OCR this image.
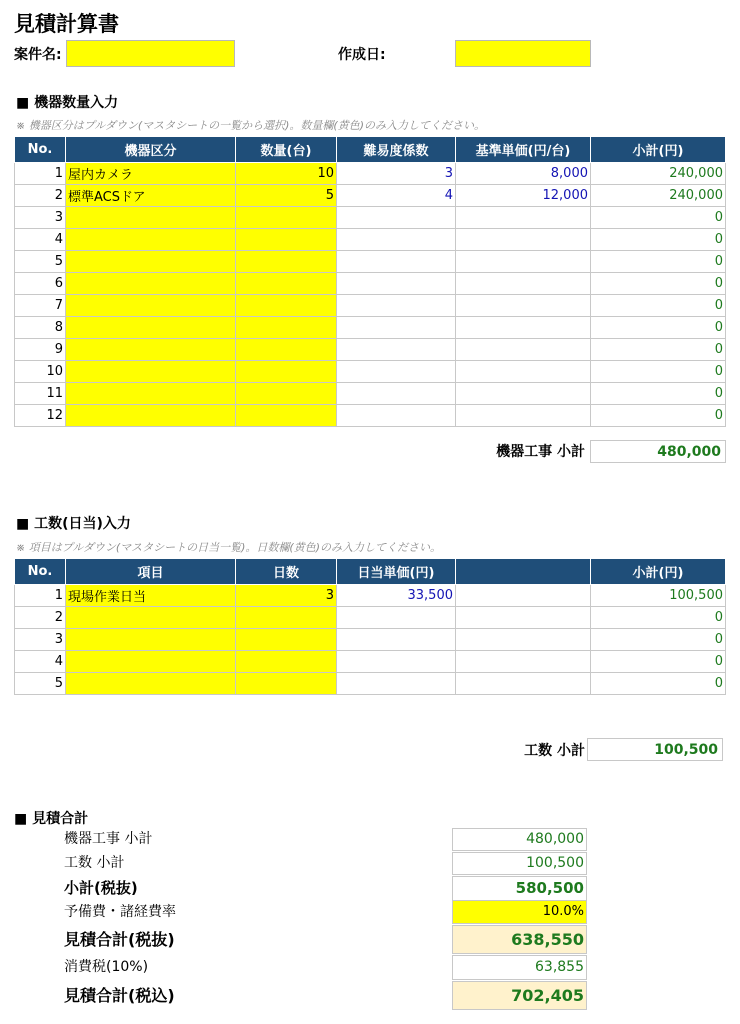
見積計算書
案件名:	作成日:
■ 機器数量入力
※ 機器区分はプルダウン(マスタシートの一覧から選択)。数量欄(黄色)のみ入力してください。
No.	機器区分	数量(台)	難易度係数	基準単価(円/台)	小計(円)
1	屋内カメラ	10	3	8,000	240,000
2	標準ACSドア	5	4	12,000	240,000
3					0
4					0
5					0
6					0
7					0
8					0
9					0
10					0
11					0
12					0
機器工事 小計	480,000
■ 工数(日当)入力
※ 項目はプルダウン(マスタシートの日当一覧)。日数欄(黄色)のみ入力してください。
No.	項目	日数	日当単価(円)		小計(円)
1	現場作業日当	3	33,500		100,500
2					0
3					0
4					0
5					0
工数 小計	100,500
■ 見積合計
機器工事 小計	480,000
工数 小計	100,500
小計(税抜)	580,500
予備費・諸経費率	10.0%
見積合計(税抜)	638,550
消費税(10%)	63,855
見積合計(税込)	702,405
